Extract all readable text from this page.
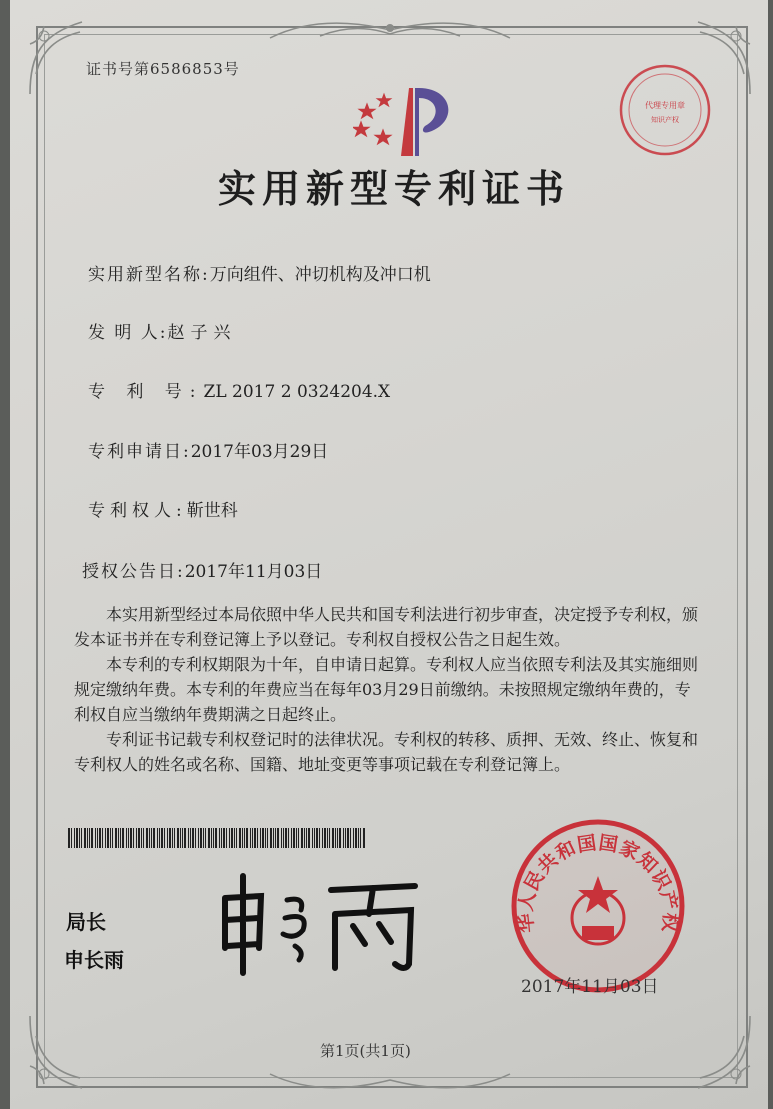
证书号第6586853号
代理专用章
知识产权
实用新型专利证书
实用新型名称:万向组件、冲切机构及冲口机
发 明 人:赵子兴
专 利 号:ZL 2017 2 0324204.X
专利申请日:2017年03月29日
专利权人:靳世科
授权公告日:2017年11月03日
　　本实用新型经过本局依照中华人民共和国专利法进行初步审查，决定授予专利权，颁
发本证书并在专利登记簿上予以登记。专利权自授权公告之日起生效。
　　本专利的专利权期限为十年，自申请日起算。专利权人应当依照专利法及其实施细则
规定缴纳年费。本专利的年费应当在每年03月29日前缴纳。未按照规定缴纳年费的，专
利权自应当缴纳年费期满之日起终止。
　　专利证书记载专利权登记时的法律状况。专利权的转移、质押、无效、终止、恢复和
专利权人的姓名或名称、国籍、地址变更等事项记载在专利登记簿上。
局长
申长雨
华人民共和国国家知识产权
2017年11月03日
第1页(共1页)
